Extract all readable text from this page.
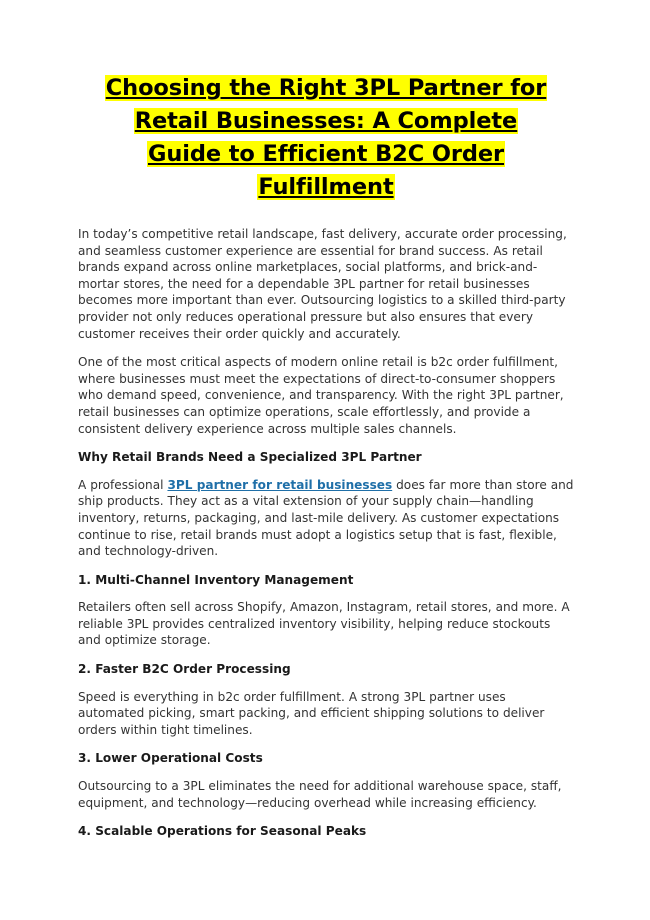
Choosing the Right 3PL Partner for
Retail Businesses: A Complete
Guide to Efficient B2C Order
Fulfillment

In today’s competitive retail landscape, fast delivery, accurate order processing, and seamless customer experience are essential for brand success. As retail brands expand across online marketplaces, social platforms, and brick-and-mortar stores, the need for a dependable 3PL partner for retail businesses becomes more important than ever. Outsourcing logistics to a skilled third-party provider not only reduces operational pressure but also ensures that every customer receives their order quickly and accurately.

One of the most critical aspects of modern online retail is b2c order fulfillment, where businesses must meet the expectations of direct-to-consumer shoppers who demand speed, convenience, and transparency. With the right 3PL partner, retail businesses can optimize operations, scale effortlessly, and provide a consistent delivery experience across multiple sales channels.

Why Retail Brands Need a Specialized 3PL Partner

A professional 3PL partner for retail businesses does far more than store and ship products. They act as a vital extension of your supply chain—handling inventory, returns, packaging, and last-mile delivery. As customer expectations continue to rise, retail brands must adopt a logistics setup that is fast, flexible, and technology-driven.

1. Multi-Channel Inventory Management

Retailers often sell across Shopify, Amazon, Instagram, retail stores, and more. A reliable 3PL provides centralized inventory visibility, helping reduce stockouts and optimize storage.

2. Faster B2C Order Processing

Speed is everything in b2c order fulfillment. A strong 3PL partner uses automated picking, smart packing, and efficient shipping solutions to deliver orders within tight timelines.

3. Lower Operational Costs

Outsourcing to a 3PL eliminates the need for additional warehouse space, staff, equipment, and technology—reducing overhead while increasing efficiency.

4. Scalable Operations for Seasonal Peaks
